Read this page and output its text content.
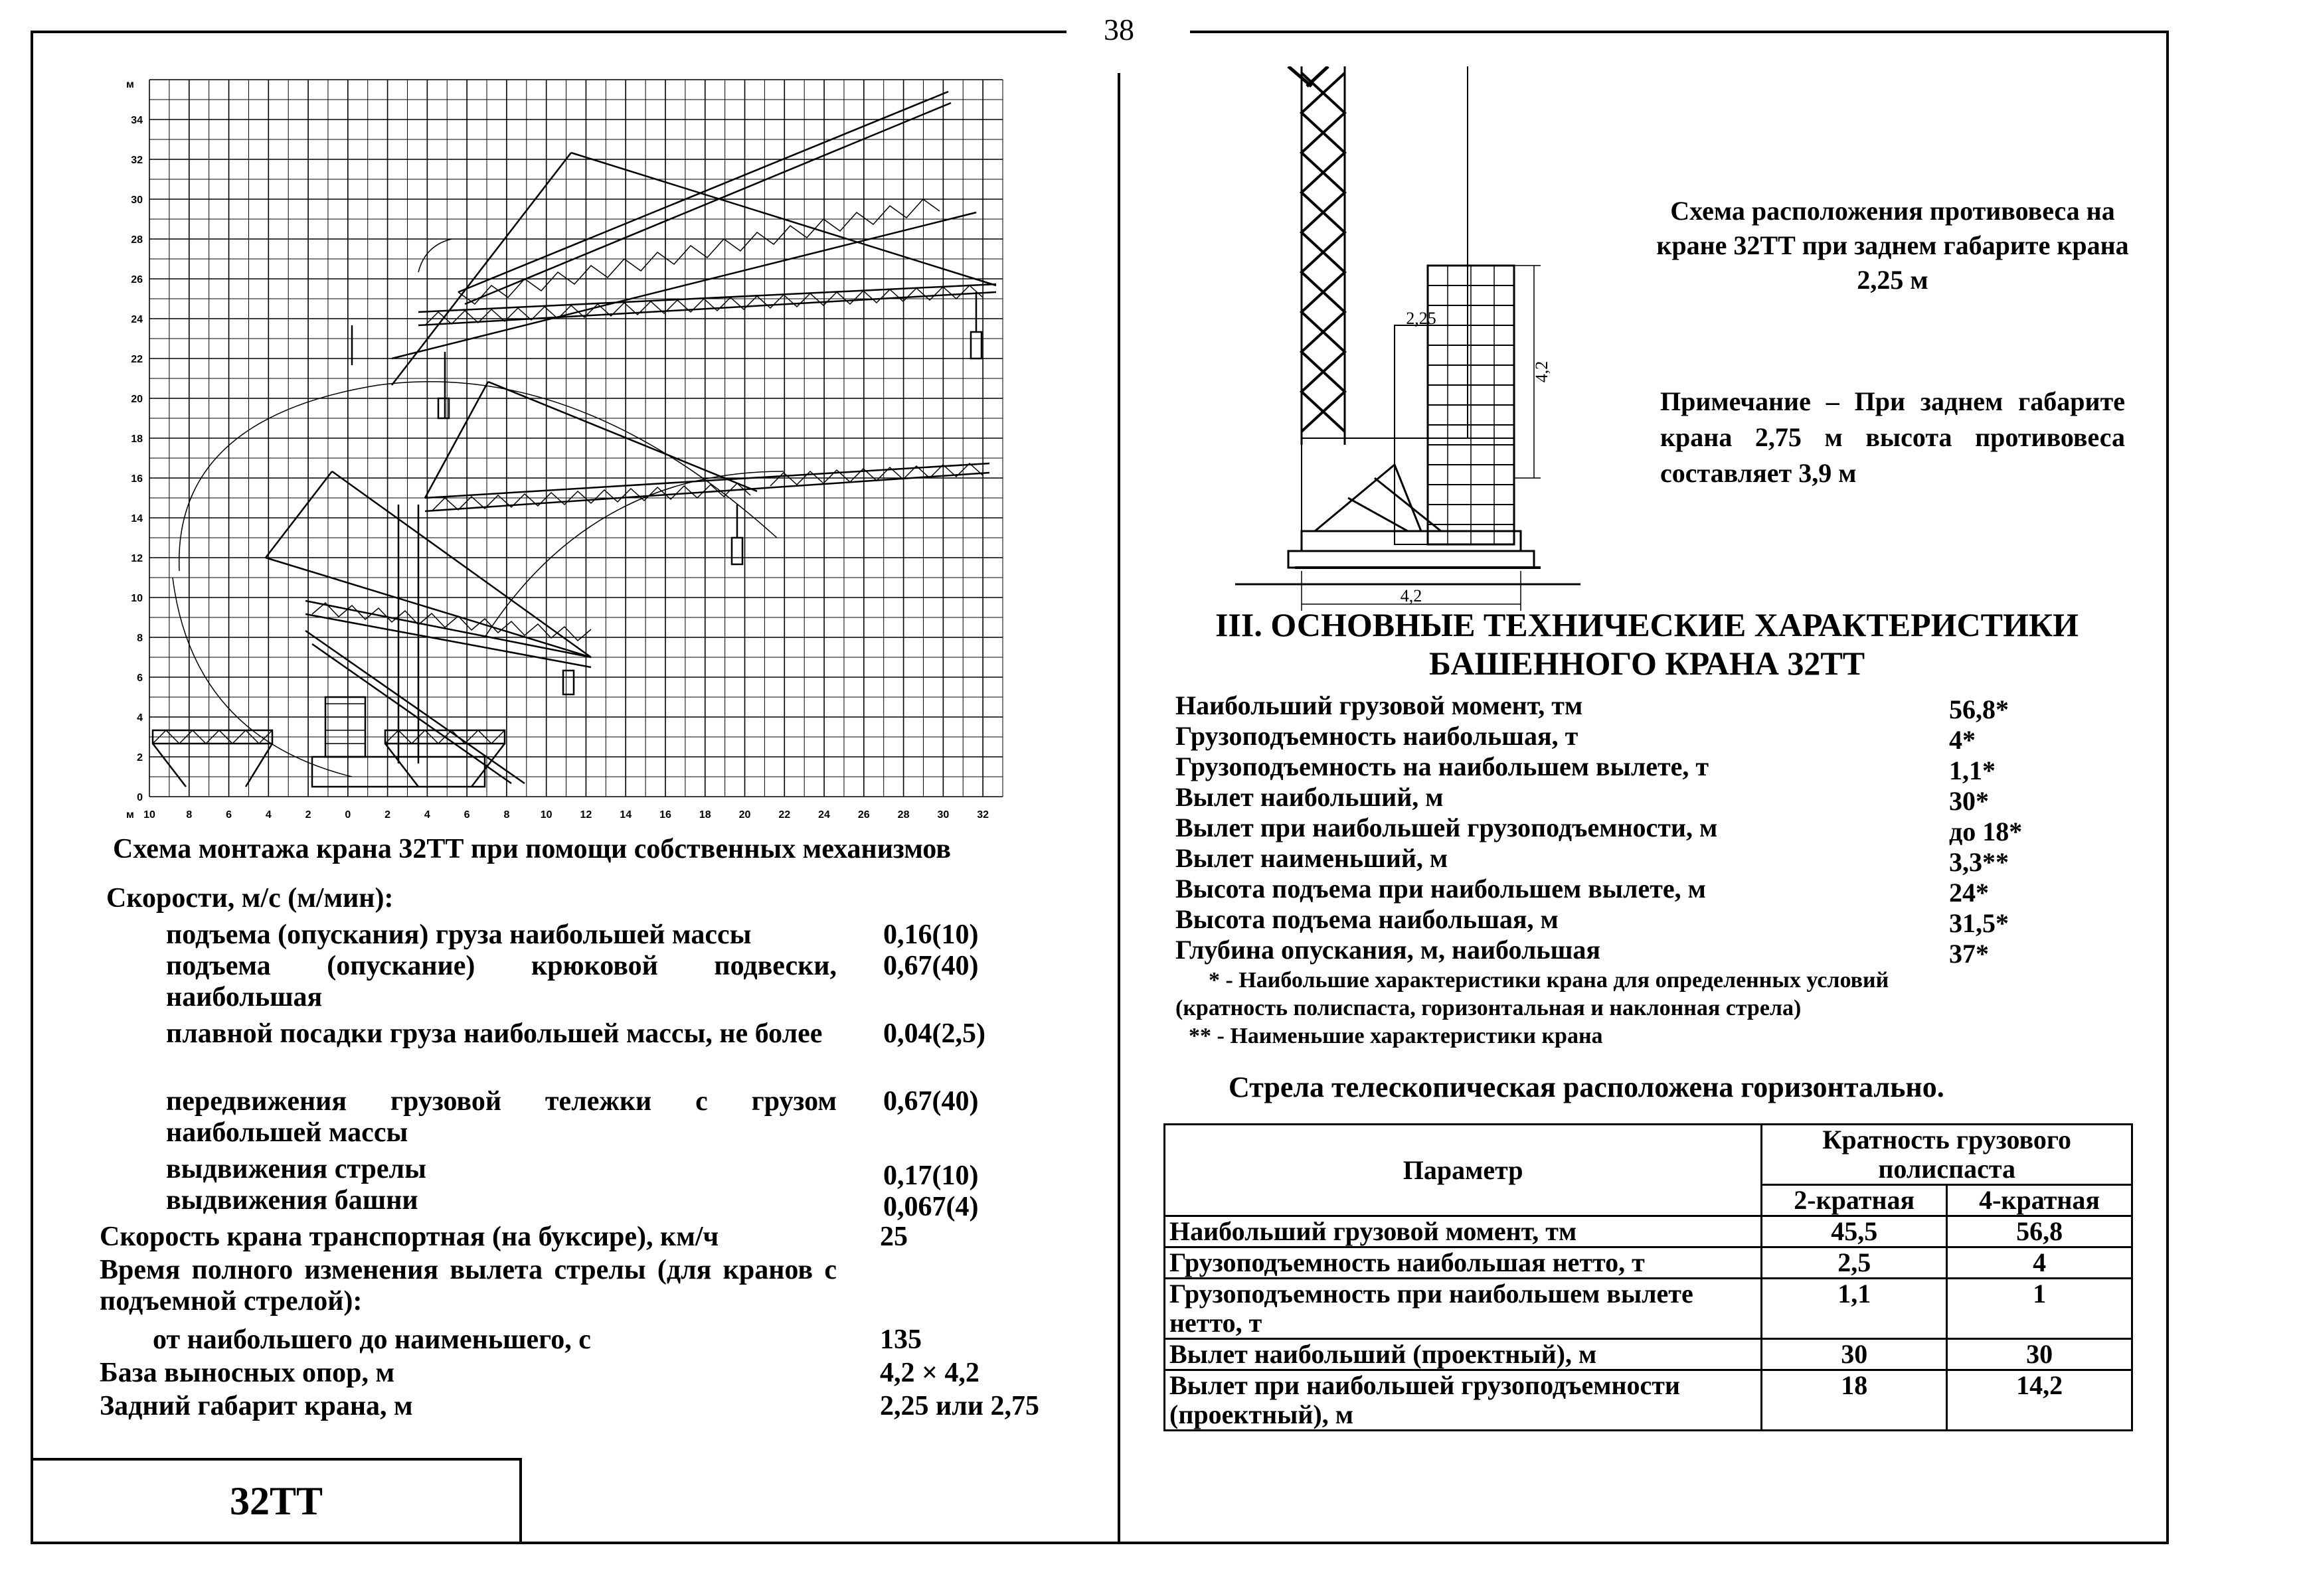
38
м
м
34
32
30
28
26
24
22
20
18
16
14
12
10
8
6
4
2
0
10	8	6	4	2	0	2	4	6	8	10	12	14	16	18	20	22	24	26	28	30	32
Схема монтажа крана 32ТТ при помощи собственных механизмов
Скорости, м/с (м/мин):
подъема (опускания) груза наибольшей массы	0,16(10)
подъема (опускание) крюковой подвески, наибольшая
0,67(40)
плавной посадки груза наибольшей массы, не более	0,04(2,5)
передвижения грузовой тележки с грузом наибольшей массы
0,67(40)
выдвижения стрелы	0,17(10)
выдвижения башни	0,067(4)
Скорость крана транспортная (на буксире), км/ч	25
Время полного изменения вылета стрелы (для кранов с подъемной стрелой):
от наибольшего до наименьшего, с	135
База выносных опор, м	4,2 × 4,2
Задний габарит крана, м	2,25 или 2,75
32ТТ
2,25
4,2
4,2
Схема расположения противовеса на кране 32ТТ при заднем габарите крана 2,25 м
Примечание – При заднем габарите крана 2,75 м высота противовеса составляет 3,9 м
III. ОСНОВНЫЕ ТЕХНИЧЕСКИЕ ХАРАКТЕРИСТИКИ
БАШЕННОГО КРАНА 32ТТ
Наибольший грузовой момент, тм	56,8*
Грузоподъемность наибольшая, т	4*
Грузоподъемность на наибольшем вылете, т	1,1*
Вылет наибольший, м	30*
Вылет при наибольшей грузоподъемности, м	до 18*
Вылет наименьший, м	3,3**
Высота подъема при наибольшем вылете, м	24*
Высота подъема наибольшая, м	31,5*
Глубина опускания, м, наибольшая	37*
* - Наибольшие характеристики крана для определенных условий
(кратность полиспаста, горизонтальная и наклонная стрела)
** - Наименьшие характеристики крана
Стрела телескопическая расположена горизонтально.
Параметр	Кратность грузового полиспаста	
	2-кратная	4-кратная
Наибольший грузовой момент, тм	45,5	56,8
Грузоподъемность наибольшая нетто, т	2,5	4
Грузоподъемность при наибольшем вылете нетто, т	1,1	1
Вылет наибольший (проектный), м	30	30
Вылет при наибольшей грузоподъемности (проектный), м	18	14,2
